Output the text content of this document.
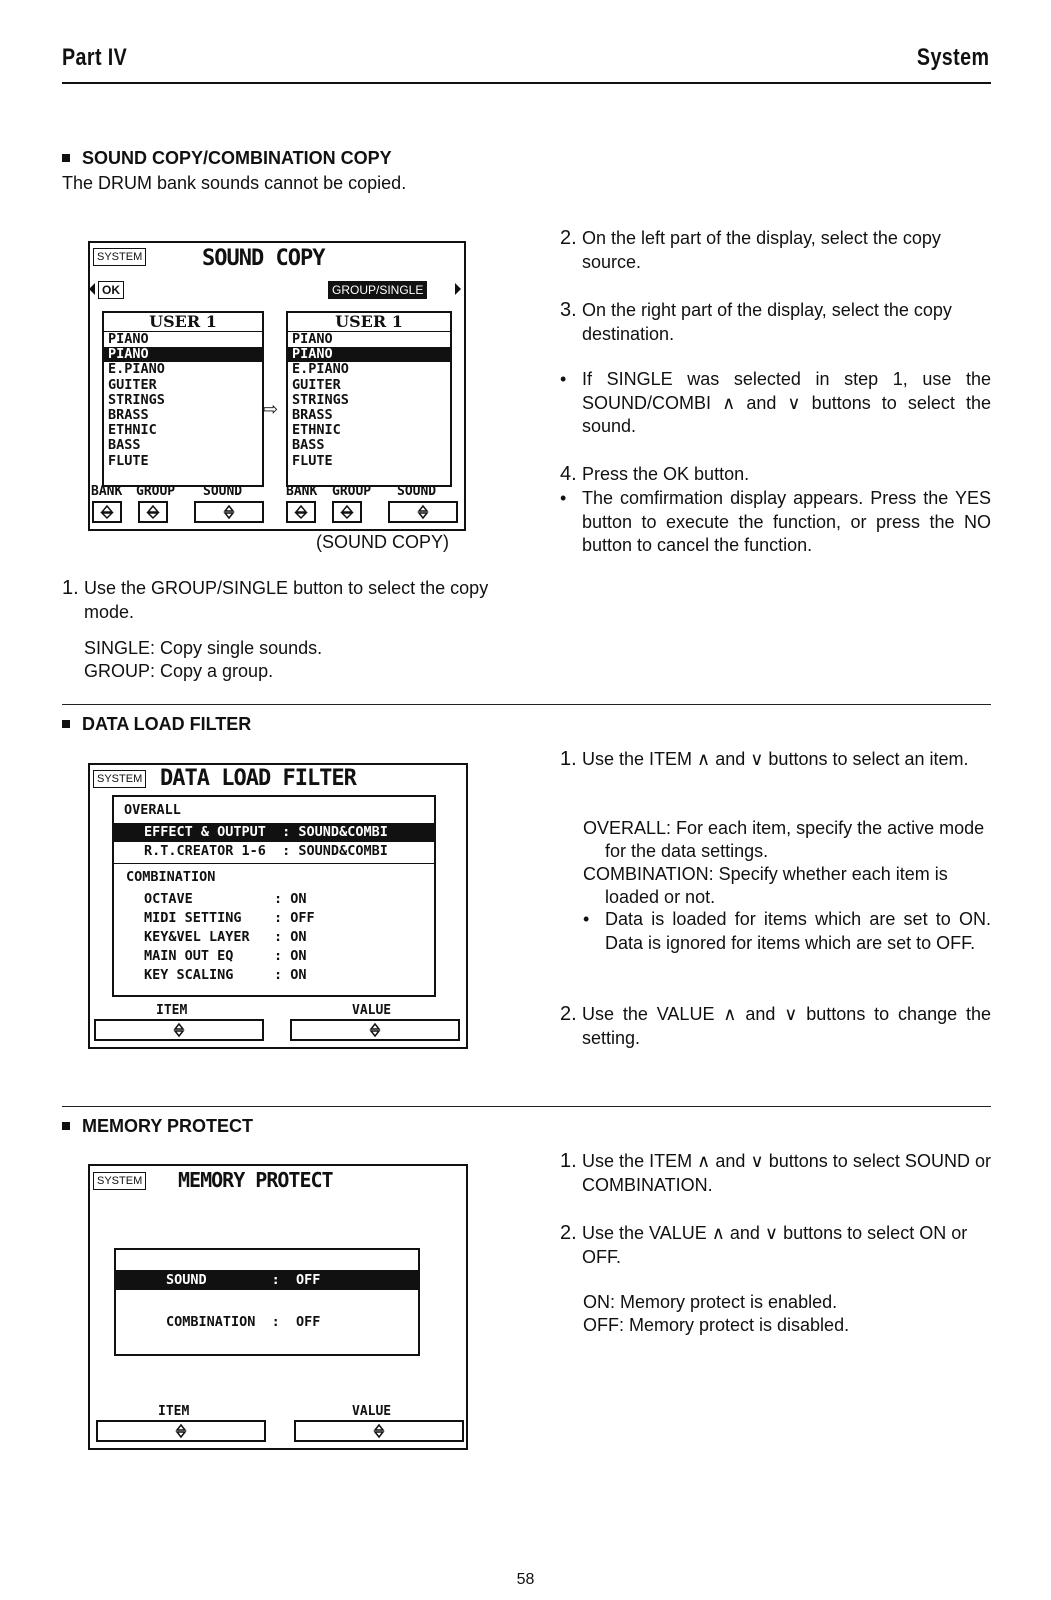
Part IV	System
SOUND COPY/COMBINATION COPY
The DRUM bank sounds cannot be copied.
SYSTEM	SOUND COPY
OK	GROUP/SINGLE
USER 1
PIANO
PIANO
E.PIANO
GUITER
STRINGS
BRASS
ETHNIC
BASS
FLUTE
⇨
USER 1
PIANO
PIANO
E.PIANO
GUITER
STRINGS
BRASS
ETHNIC
BASS
FLUTE
BANK GROUP SOUND	BANK GROUP SOUND
(SOUND COPY)
1. Use the GROUP/SINGLE button to select the copy mode.
SINGLE: Copy single sounds.
GROUP: Copy a group.
2. On the left part of the display, select the copy source.
3. On the right part of the display, select the copy destination.
• If SINGLE was selected in step 1, use the SOUND/COMBI ∧ and ∨ buttons to select the sound.
4. Press the OK button.
• The comfirmation display appears. Press the YES button to execute the function, or press the NO button to cancel the function.
DATA LOAD FILTER
SYSTEM DATA LOAD FILTER
OVERALL
EFFECT & OUTPUT  : SOUND&COMBI
R.T.CREATOR 1-6  : SOUND&COMBI
COMBINATION
OCTAVE          : ON
MIDI SETTING    : OFF
KEY&VEL LAYER   : ON
MAIN OUT EQ     : ON
KEY SCALING     : ON
ITEM	VALUE
1. Use the ITEM ∧ and ∨ buttons to select an item.
OVERALL: For each item, specify the active mode for the data settings.
COMBINATION: Specify whether each item is loaded or not.
• Data is loaded for items which are set to ON. Data is ignored for items which are set to OFF.
2. Use the VALUE ∧ and ∨ buttons to change the setting.
MEMORY PROTECT
SYSTEM MEMORY PROTECT
SOUND        :  OFF
COMBINATION  :  OFF
ITEM	VALUE
1. Use the ITEM ∧ and ∨ buttons to select SOUND or COMBINATION.
2. Use the VALUE ∧ and ∨ buttons to select ON or OFF.
ON: Memory protect is enabled.
OFF: Memory protect is disabled.
58
